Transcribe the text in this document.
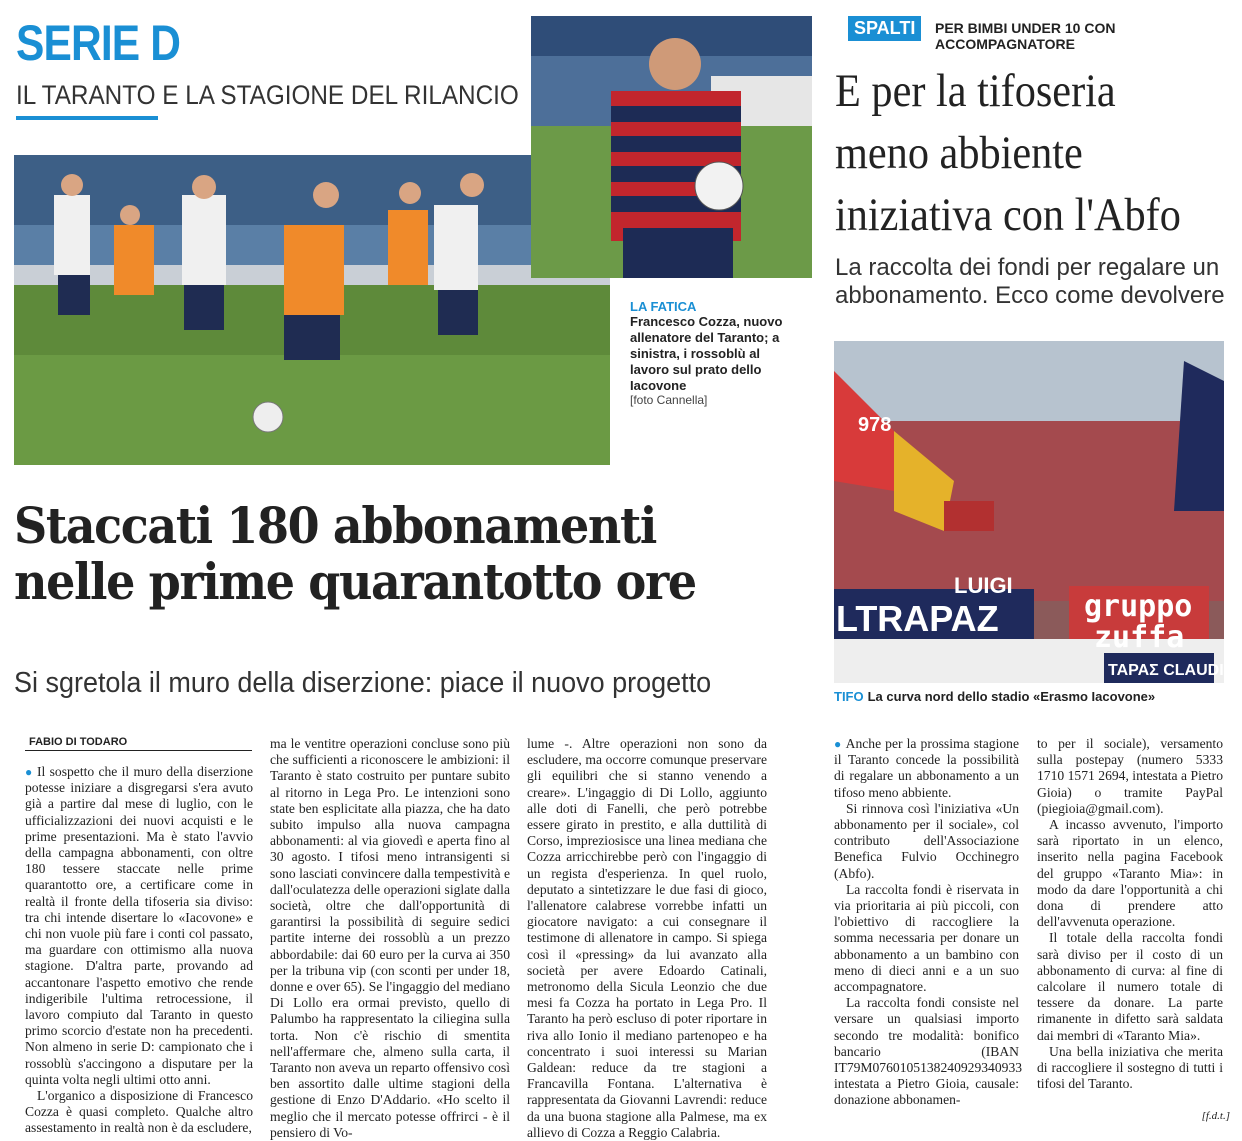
SERIE D
IL TARANTO E LA STAGIONE DEL RILANCIO
LA FATICA
Francesco Cozza, nuovo allenatore del Taranto; a sinistra, i rossoblù al lavoro sul prato dello Iacovone
[foto Cannella]
Staccati 180 abbonamenti
nelle prime quarantotto ore
Si sgretola il muro della diserzione: piace il nuovo progetto
FABIO DI TODARO

● Il sospetto che il muro della diserzione potesse iniziare a disgregarsi s'era avuto già a partire dal mese di luglio, con le ufficializzazioni dei nuovi acquisti e le prime presentazioni. Ma è stato l'avvio della campagna abbonamenti, con oltre 180 tessere staccate nelle prime quarantotto ore, a certificare come in realtà il fronte della tifoseria sia diviso: tra chi intende disertare lo «Iacovone» e chi non vuole più fare i conti col passato, ma guardare con ottimismo alla nuova stagione. D'altra parte, provando ad accantonare l'aspetto emotivo che rende indigeribile l'ultima retrocessione, il lavoro compiuto dal Taranto in questo primo scorcio d'estate non ha precedenti. Non almeno in serie D: campionato che i rossoblù s'accingono a disputare per la quinta volta negli ultimi otto anni.

L'organico a disposizione di Francesco Cozza è quasi completo. Qualche altro assestamento in realtà non è da escludere,

ma le ventitre operazioni concluse sono più che sufficienti a riconoscere le ambizioni: il Taranto è stato costruito per puntare subito al ritorno in Lega Pro. Le intenzioni sono state ben esplicitate alla piazza, che ha dato subito impulso alla nuova campagna abbonamenti: al via giovedì e aperta fino al 30 agosto. I tifosi meno intransigenti si sono lasciati convincere dalla tempestività e dall'oculatezza delle operazioni siglate dalla società, oltre che dall'opportunità di garantirsi la possibilità di seguire sedici partite interne dei rossoblù a un prezzo abbordabile: dai 60 euro per la curva ai 350 per la tribuna vip (con sconti per under 18, donne e over 65). Se l'ingaggio del mediano Di Lollo era ormai previsto, quello di Palumbo ha rappresentato la ciliegina sulla torta. Non c'è rischio di smentita nell'affermare che, almeno sulla carta, il Taranto non aveva un reparto offensivo così ben assortito dalle ultime stagioni della gestione di Enzo D'Addario. «Ho scelto il meglio che il mercato potesse offrirci - è il pensiero di Vo-

lume -. Altre operazioni non sono da escludere, ma occorre comunque preservare gli equilibri che si stanno venendo a creare». L'ingaggio di Di Lollo, aggiunto alle doti di Fanelli, che però potrebbe essere girato in prestito, e alla duttilità di Corso, impreziosisce una linea mediana che Cozza arricchirebbe però con l'ingaggio di un regista d'esperienza. In quel ruolo, deputato a sintetizzare le due fasi di gioco, l'allenatore calabrese vorrebbe infatti un giocatore navigato: a cui consegnare il testimone di allenatore in campo. Si spiega così il «pressing» da lui avanzato alla società per avere Edoardo Catinali, metronomo della Sicula Leonzio che due mesi fa Cozza ha portato in Lega Pro. Il Taranto ha però escluso di poter riportare in riva allo Ionio il mediano partenopeo e ha concentrato i suoi interessi su Marian Galdean: reduce da tre stagioni a Francavilla Fontana. L'alternativa è rappresentata da Giovanni Lavrendi: reduce da una buona stagione alla Palmese, ma ex allievo di Cozza a Reggio Calabria.

SPALTI	PER BIMBI UNDER 10 CON ACCOMPAGNATORE
E per la tifoseria meno abbiente iniziativa con l'Abfo
La raccolta dei fondi per regalare un abbonamento. Ecco come devolvere
978
LUIGI
LTRAPAZ	gruppo
zuffa
ΤΑΡΑΣ CLAUDIO
TIFO La curva nord dello stadio «Erasmo Iacovone»

● Anche per la prossima stagione il Taranto concede la possibilità di regalare un abbonamento a un tifoso meno abbiente.

Si rinnova così l'iniziativa «Un abbonamento per il sociale», col contributo dell'Associazione Benefica Fulvio Occhinegro (Abfo).

La raccolta fondi è riservata in via prioritaria ai più piccoli, con l'obiettivo di raccogliere la somma necessaria per donare un abbonamento a un bambino con meno di dieci anni e a un suo accompagnatore.

La raccolta fondi consiste nel versare un qualsiasi importo secondo tre modalità: bonifico bancario (IBAN IT79M0760105138240929340933 intestata a Pietro Gioia, causale: donazione abbonamen-

to per il sociale), versamento sulla postepay (numero 5333 1710 1571 2694, intestata a Pietro Gioia) o tramite PayPal (piegioia@gmail.com).

A incasso avvenuto, l'importo sarà riportato in un elenco, inserito nella pagina Facebook del gruppo «Taranto Mia»: in modo da dare l'opportunità a chi dona di prendere atto dell'avvenuta operazione.

Il totale della raccolta fondi sarà diviso per il costo di un abbonamento di curva: al fine di calcolare il numero totale di tessere da donare. La parte rimanente in difetto sarà saldata dai membri di «Taranto Mia».

Una bella iniziativa che merita di raccogliere il sostegno di tutti i tifosi del Taranto.

[f.d.t.]
